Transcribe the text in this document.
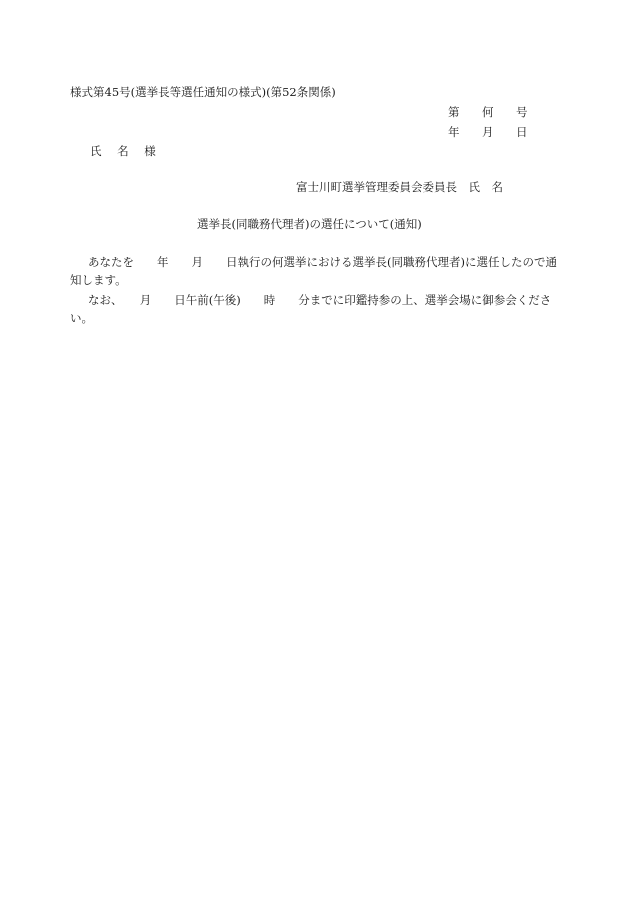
様式第45号(選挙長等選任通知の様式)(第52条関係)
第 何 号
年 月 日
氏 名 様
富士川町選挙管理委員会委員長　氏　名
選挙長(同職務代理者)の選任について(通知)
あなたを　　年　　月　　日執行の何選挙における選挙長(同職務代理者)に選任したので通知します。
なお、　　月　　日午前(午後)　　時　　分までに印鑑持参の上、選挙会場に御参会ください。
